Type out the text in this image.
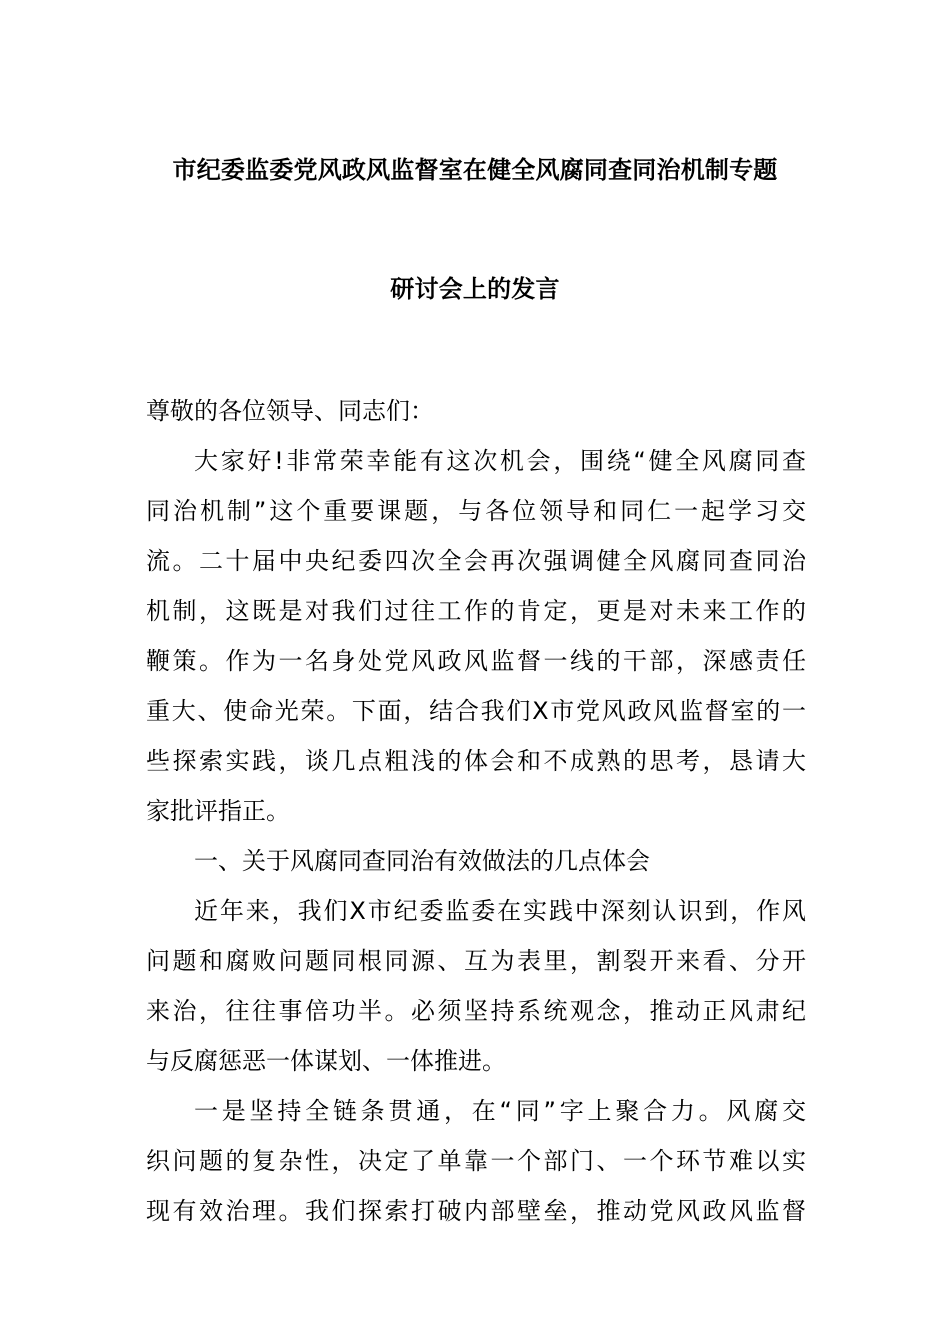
市纪委监委党风政风监督室在健全风腐同查同治机制专题
研讨会上的发言
尊敬的各位领导、同志们：
大家好!非常荣幸能有这次机会，围绕“健全风腐同查
同治机制”这个重要课题，与各位领导和同仁一起学习交
流。二十届中央纪委四次全会再次强调健全风腐同查同治
机制，这既是对我们过往工作的肯定，更是对未来工作的
鞭策。作为一名身处党风政风监督一线的干部，深感责任
重大、使命光荣。下面，结合我们X市党风政风监督室的一
些探索实践，谈几点粗浅的体会和不成熟的思考，恳请大
家批评指正。
一、关于风腐同查同治有效做法的几点体会
近年来，我们X市纪委监委在实践中深刻认识到，作风
问题和腐败问题同根同源、互为表里，割裂开来看、分开
来治，往往事倍功半。必须坚持系统观念，推动正风肃纪
与反腐惩恶一体谋划、一体推进。
一是坚持全链条贯通，在“同”字上聚合力。风腐交
织问题的复杂性，决定了单靠一个部门、一个环节难以实
现有效治理。我们探索打破内部壁垒，推动党风政风监督
